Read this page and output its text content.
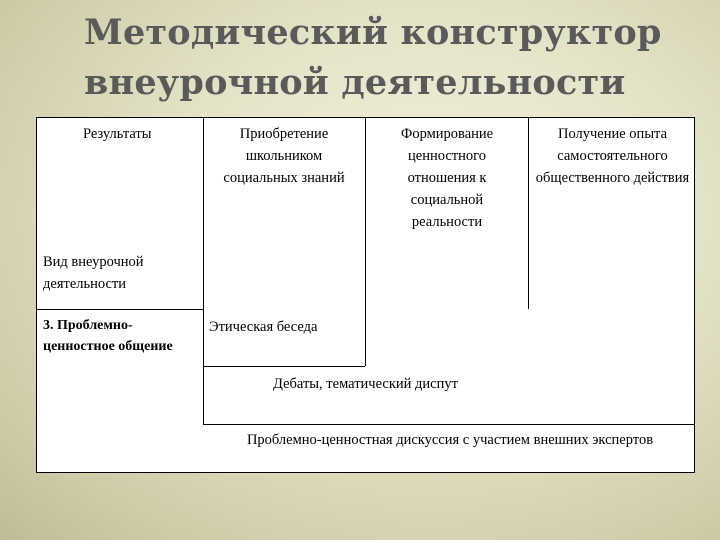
Методический конструктор
внеурочной деятельности
Результаты	Приобретение школьником социальных знаний
Формирование ценностного отношения к социальной реальности
Получение опыта самостоятельного общественного действия
Вид внеурочной деятельности
3. Проблемно-ценностное общение
Этическая беседа
Дебаты, тематический диспут
Проблемно-ценностная дискуссия с участием внешних экспертов
